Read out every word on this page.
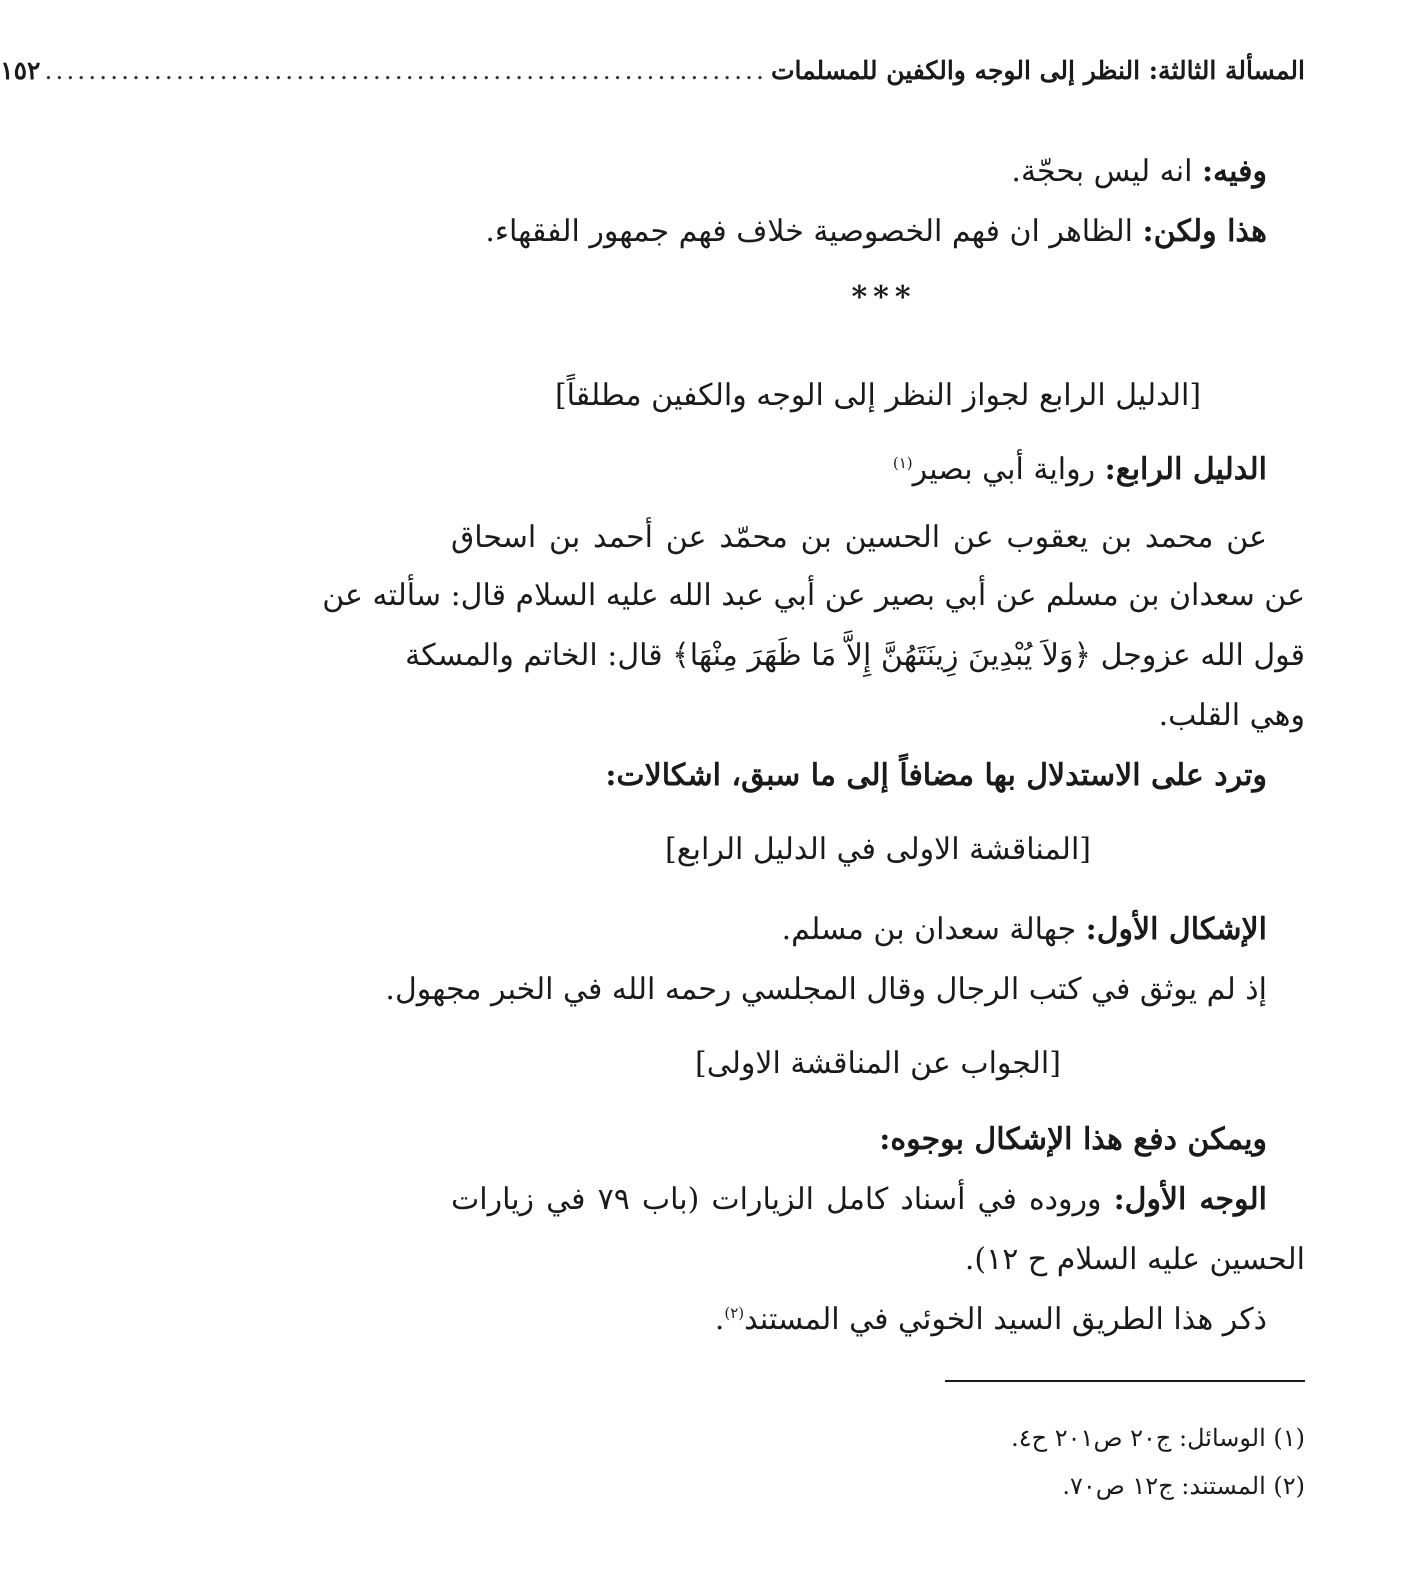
المسألة الثالثة: النظر إلى الوجه والكفين للمسلمات
..................................................................
١٥٢
وفيه: انه ليس بحجّة.
هذا ولكن: الظاهر ان فهم الخصوصية خلاف فهم جمهور الفقهاء.
***
[الدليل الرابع لجواز النظر إلى الوجه والكفين مطلقاً]
الدليل الرابع: رواية أبي بصير$^{(١)}$
عن محمد بن يعقوب عن الحسين بن محمّد عن أحمد بن اسحاق
عن سعدان بن مسلم عن أبي بصير عن أبي عبد الله عليه السلام قال: سألته عن
قول الله عزوجل ﴿وَلاَ يُبْدِينَ زِينَتَهُنَّ إِلاَّ مَا ظَهَرَ مِنْهَا﴾ قال: الخاتم والمسكة
وهي القلب.
وترد على الاستدلال بها مضافاً إلى ما سبق، اشكالات:
[المناقشة الاولى في الدليل الرابع]
الإشكال الأول: جهالة سعدان بن مسلم.
إذ لم يوثق في كتب الرجال وقال المجلسي رحمه الله في الخبر مجهول.
[الجواب عن المناقشة الاولى]
ويمكن دفع هذا الإشكال بوجوه:
الوجه الأول: وروده في أسناد كامل الزيارات (باب ٧٩ في زيارات
الحسين عليه السلام ح ١٢).
ذكر هذا الطريق السيد الخوئي في المستند$^{(٢)}$.
(١) الوسائل: ج٢٠ ص٢٠١ ح٤.
(٢) المستند: ج١٢ ص٧٠.
